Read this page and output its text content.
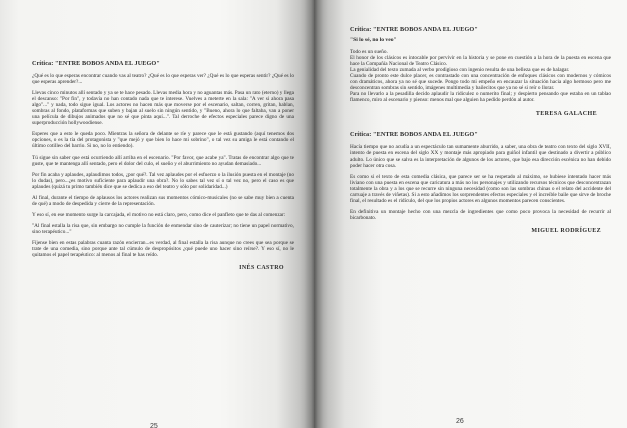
Crítica: "ENTRE BOBOS ANDA EL JUEGO"

¿Qué es lo que esperas encontrar cuando vas al teatro? ¿Qué es lo que esperas ver? ¿Qué es lo que esperas sentir? ¿Qué es lo que esperas aprender?...

Llevas cinco minutos allí sentado y ya se te hace pesado. Llevas media hora y no aguantas más. Pasa un rato (eterno) y llega el descanso: "Por fin", y todavía no han contado nada que te interese. Vuelves a meterte en la sala: "A ver si ahora pasa algo"..." y nada, todo sigue igual. Los actores no hacen más que moverse por el escenario, saltan, corren, gritan, hablan, sombras al fondo, plataformas que suben y bajan al suelo sin ningún sentido, y "Bueno, ahora lo que faltaba, van a poner una película de dibujos animados que no sé que pinta aquí...". Tal derroche de efectos especiales parece digno de una superproducción hollywoodiense.

Esperes que a esto le queda poco. Mientras la señora de delante se ríe y parece que le está gustando (aquí tenemos dos opciones, o es la tía del protagonista y "que mejó y que bien lo hace mi sobrino", o tal vez su amiga le está contando el último cotilleo del barrio. Si no, no lo entiendo).

Tú sigue sin saber que está ocurriendo allí arriba en el escenario. "Por favor, que acabe ya". Tratas de encontrar algo que te guste, que te mantenga allí sentado, pero el dolor del culo, el sueño y el aburrimiento no ayudan demasiado...

Por fin acaba y aplaudes, aplaudimos todos, ¿por qué?. Tal vez aplaudes por el esfuerzo o la ilusión puesta en el montaje (no lo dudas), pero...¿es motivo suficiente para aplaudir una obra?. No lo sabes tal vez sí o tal vez no, pero el caso es que aplaudes (quizá tu primo también dice que se dedica a eso del teatro y sólo por solidaridad...)

Al final, durante el tiempo de aplausos los actores realizan sus momentos cómico-musicales (no se sabe muy bien a cuenta de qué) a modo de despedida y cierre de la representación.

Y eso sí, en ese momento surge la carcajada, el motivo no está claro, pero, como dice el panfleto que te das al comenzar:

"Al final estalla la risa que, sin embargo no cumple la función de enmendar sino de cauterizar; no tiene un papel normativo, sino terapéutico..."

Fíjense bien en estas palabras cuanta razón encierran...es verdad, al final estalla la risa aunque no crees que sea porque se trate de una comedia, sino porque ante tal cúmulo de despropósitos ¿qué puede uno hacer sino reírse?. Y eso sí, no le quitamos el papel terapéutico: al menos al final te has reído.

INÉS CASTRO
25
Crítica: "ENTRE BOBOS ANDA EL JUEGO"
"Si lo sé, no lo veo"

Todo es un sueño.

El honor de los clásicos es intocable por pervivir en la historia y se pone en cuestión a la hora de la puesta en escena que hace la Compañía Nacional de Teatro Clásico.

La genialidad del texto zumada al verbo prodigioso con ingenio resulta de una belleza que es de halagar.

Cuando de pronto este dulce placer, es contrastado con una concentración de enfoques clásicos con modernos y cómicos con dramáticos, ahora ya no sé que sucede. Pongo todo mi empeño en encauzar la situación hacia algo hermoso pero me desconcentran sombras sin sentido, imágenes multimedia y bailecitos que ya no sé si reír o llorar.

Para no llevarlo a la pesadilla decido aplaudir la ridiculez o numerito final; y despierto pensando que estaba en un tablao flamenco, miro al escenario y pienso: menos mal que alguien ha pedido perdón al autor.

TERESA GALACHE
Crítica: "ENTRE BOBOS ANDA EL JUEGO"

Hacía tiempo que no acudía a un espectáculo tan sumamente aburrido, a saber, una obra de teatro con texto del siglo XVII, intento de puesta en escena del siglo XX y montaje más apropiado para guiñol infantil que destinado a divertir a público adulto. Lo único que se salva es la interpretación de algunos de los actores, que bajo esa dirección escénica no han debido poder hacer otra cosa.

Es como si el texto de esta comedia clásica, que parece ser se ha respetado al máximo, se hubiese intentado hacer más liviano con una puesta en escena que caricatura a más no los personajes y utilizando recursos técnicos que desconcentrazan totalmente la obra y a los que se recurre sin ninguna necesidad (como son las sombras chinas o el relato del accidente del carruaje a través de viñetas). Si a esto añadimos los sorprendentes efectos especiales y el increíble baile que sirve de broche final, el resultado es el ridículo, del que los propios actores en algunos momentos parecen conscientes.

En definitiva un montaje hecho con una mezcla de ingredientes que como poco provoca la necesidad de recurrir al bicarbonato.

MIGUEL RODRÍGUEZ
26
